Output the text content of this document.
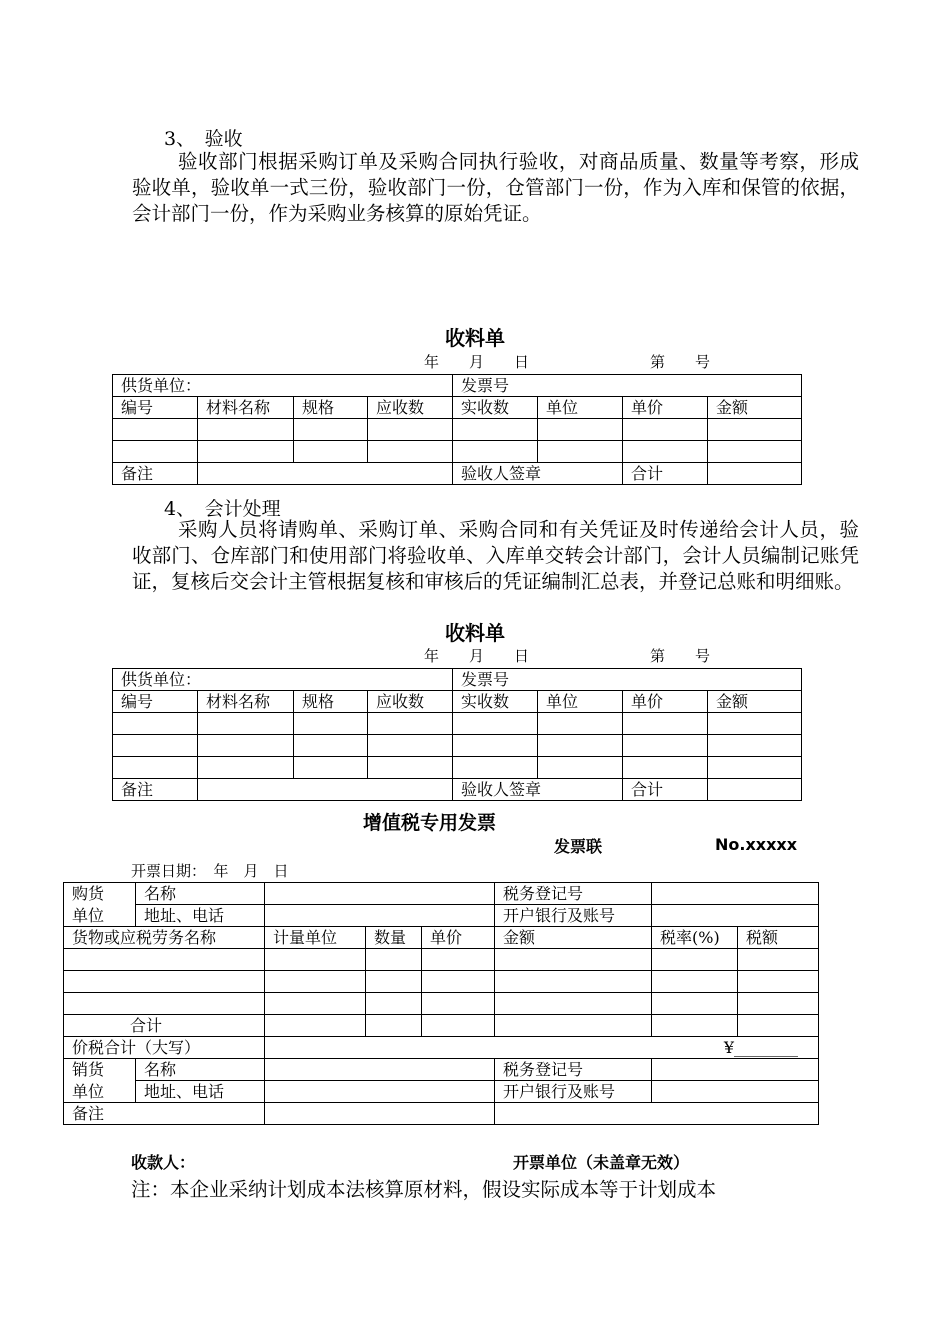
3、　验收
验收部门根据采购订单及采购合同执行验收，对商品质量、数量等考察，形成验收单，验收单一式三份，验收部门一份，仓管部门一份，作为入库和保管的依据，会计部门一份，作为采购业务核算的原始凭证。
收料单
年　　月　　日	第　　号
供货单位：				发票号			
编号	材料名称	规格	应收数	实收数	单位	单价	金额

备注				验收人签章		合计	
4、　会计处理
采购人员将请购单、采购订单、采购合同和有关凭证及时传递给会计人员，验收部门、仓库部门和使用部门将验收单、入库单交转会计部门，会计人员编制记账凭证，复核后交会计主管根据复核和审核后的凭证编制汇总表，并登记总账和明细账。
收料单
年　　月　　日	第　　号
供货单位：				发票号			
编号	材料名称	规格	应收数	实收数	单位	单价	金额

备注				验收人签章		合计	
增值税专用发票
发票联	No.xxxxx
开票日期：　年　月　日
购货	名称				税务登记号		
单位	地址、电话				开户银行及账号		
货物或应税劳务名称		计量单位	数量	单价	金额	税率(%)	税额

合计							
价税合计（大写）		¥________					
销货	名称				税务登记号		
单位	地址、电话				开户银行及账号		
备注							
收款人：	开票单位（未盖章无效）
注：本企业采纳计划成本法核算原材料，假设实际成本等于计划成本
